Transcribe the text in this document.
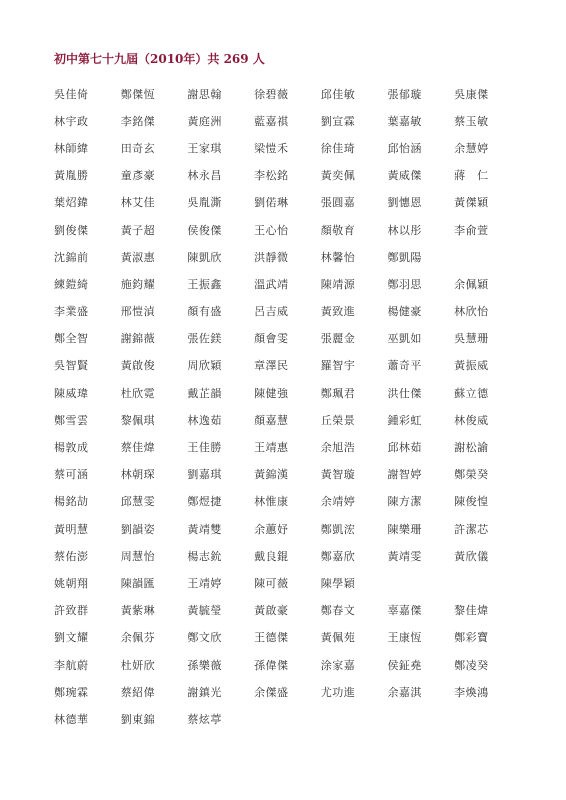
初中第七十九屆（2010年）共 269 人
吳佳倚	鄭傑恆	謝思翰	徐碧薇	邱佳敏	張郁璇	吳康傑
林宇政	李銘傑	黃庭洲	藍嘉祺	劉宣霖	葉嘉敏	蔡玉敏
林師緯	田奇玄	王家琪	梁愷禾	徐佳琦	邱怡涵	余慧婷
黃胤勝	童彥豪	林永昌	李松銘	黃奕佩	黃威傑	蔣　仁
葉炤鍏	林艾佳	吳胤澌	劉偌琳	張圓嘉	劉憓恩	黃傑穎
劉俊傑	黃子超	侯俊傑	王心怡	顏敬育	林以彤	李俞萱
沈錦前	黃淑惠	陳凱欣	洪靜微	林馨怡	鄭凱陽
練鎧綺	施鈞耀	王振鑫	溫武靖	陳靖源	鄭羽思	余佩穎
李業盛	邢愷湞	顏有盛	呂吉威	黃致進	楊健豪	林欣怡
鄭全智	謝錦薇	張佐鎂	顏會雯	張麗金	巫凱如	吳慧珊
吳智賢	黃啟俊	周欣穎	章澤民	羅智宇	蕭奇平	黃振威
陳威瑋	杜欣霓	戴芷韻	陳健強	鄭珮君	洪仕傑	蘇立德
鄭雪雲	黎佩琪	林逸茹	顏嘉慧	丘榮景	鍾彩虹	林俊威
楊敦成	蔡佳煒	王佳勝	王靖惠	余旭浩	邱林茹	謝松諭
蔡可涵	林朝琛	劉嘉琪	黃錦漢	黃智璇	謝智婷	鄭榮癸
楊銘劼	邱慧雯	鄭煜捷	林惟康	余靖婷	陳方潔	陳俊惶
黃明慧	劉韻姿	黃靖雙	余蕙妤	鄭凱浤	陳樂珊	許潔芯
蔡佑澎	周慧怡	楊志鈗	戴良錕	鄭嘉欣	黃靖雯	黃欣儀
姚朝翔	陳韻匯	王靖婷	陳可薇	陳學穎
許致群	黃紫琳	黃毓瑩	黃啟豪	鄭春文	辜嘉傑	黎佳煒
劉文耀	余佩芬	鄭文欣	王德傑	黃佩苑	王康恆	鄭彩寶
李航蔚	杜妍欣	孫樂薇	孫偉傑	涂家嘉	侯鉦堯	鄭凌癸
鄭琬霖	蔡紹偉	謝鎮光	余傑盛	尤功進	余嘉淇	李煥鴻
林德華	劉東錦	蔡炫葶
